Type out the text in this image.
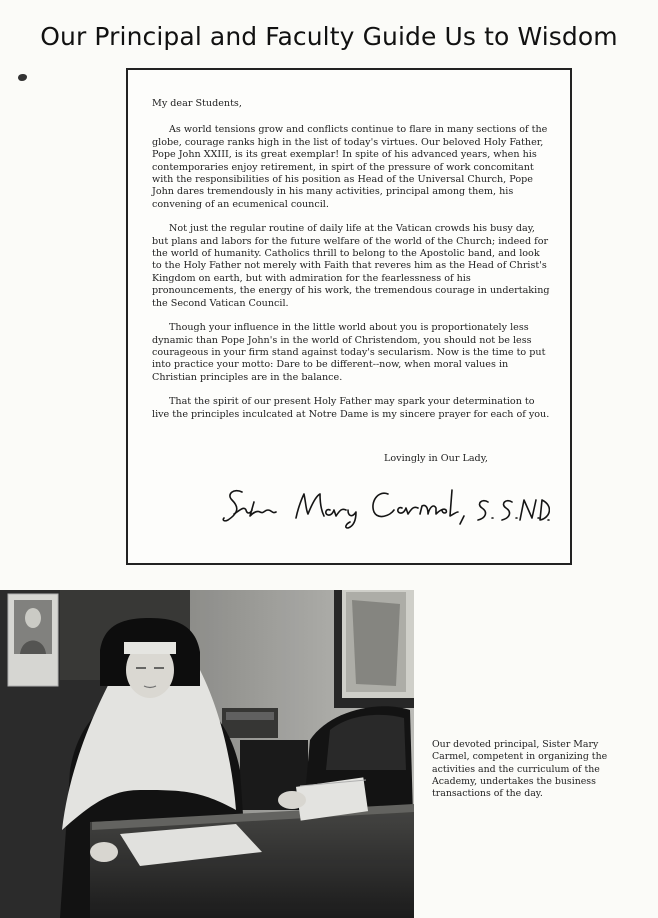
Our Principal and Faculty Guide Us to Wisdom

My dear Students,

As world tensions grow and conflicts continue to flare in many sections of the globe, courage ranks high in the list of today's virtues. Our beloved Holy Father, Pope John XXIII, is its great exemplar! In spite of his advanced years, when his contemporaries enjoy retirement, in spirt of the pressure of work concomitant with the responsibilities of his position as Head of the Universal Church, Pope John dares tremendously in his many activities, principal among them, his convening of an ecumenical council.

Not just the regular routine of daily life at the Vatican crowds his busy day, but plans and labors for the future welfare of the world of the Church; indeed for the world of humanity. Catholics thrill to belong to the Apostolic band, and look to the Holy Father not merely with Faith that reveres him as the Head of Christ's Kingdom on earth, but with admiration for the fearlessness of his pronouncements, the energy of his work, the tremendous courage in undertaking the Second Vatican Council.

Though your influence in the little world about you is proportionately less dynamic than Pope John's in the world of Christendom, you should not be less courageous in your firm stand against today's secularism. Now is the time to put into practice your motto: Dare to be different--now, when moral values in Christian principles are in the balance.

That the spirit of our present Holy Father may spark your determination to live the principles inculcated at Notre Dame is my sincere prayer for each of you.

Lovingly in Our Lady,
Our devoted principal, Sister Mary Carmel, competent in organizing the activities and the curriculum of the Academy, undertakes the business transactions of the day.
